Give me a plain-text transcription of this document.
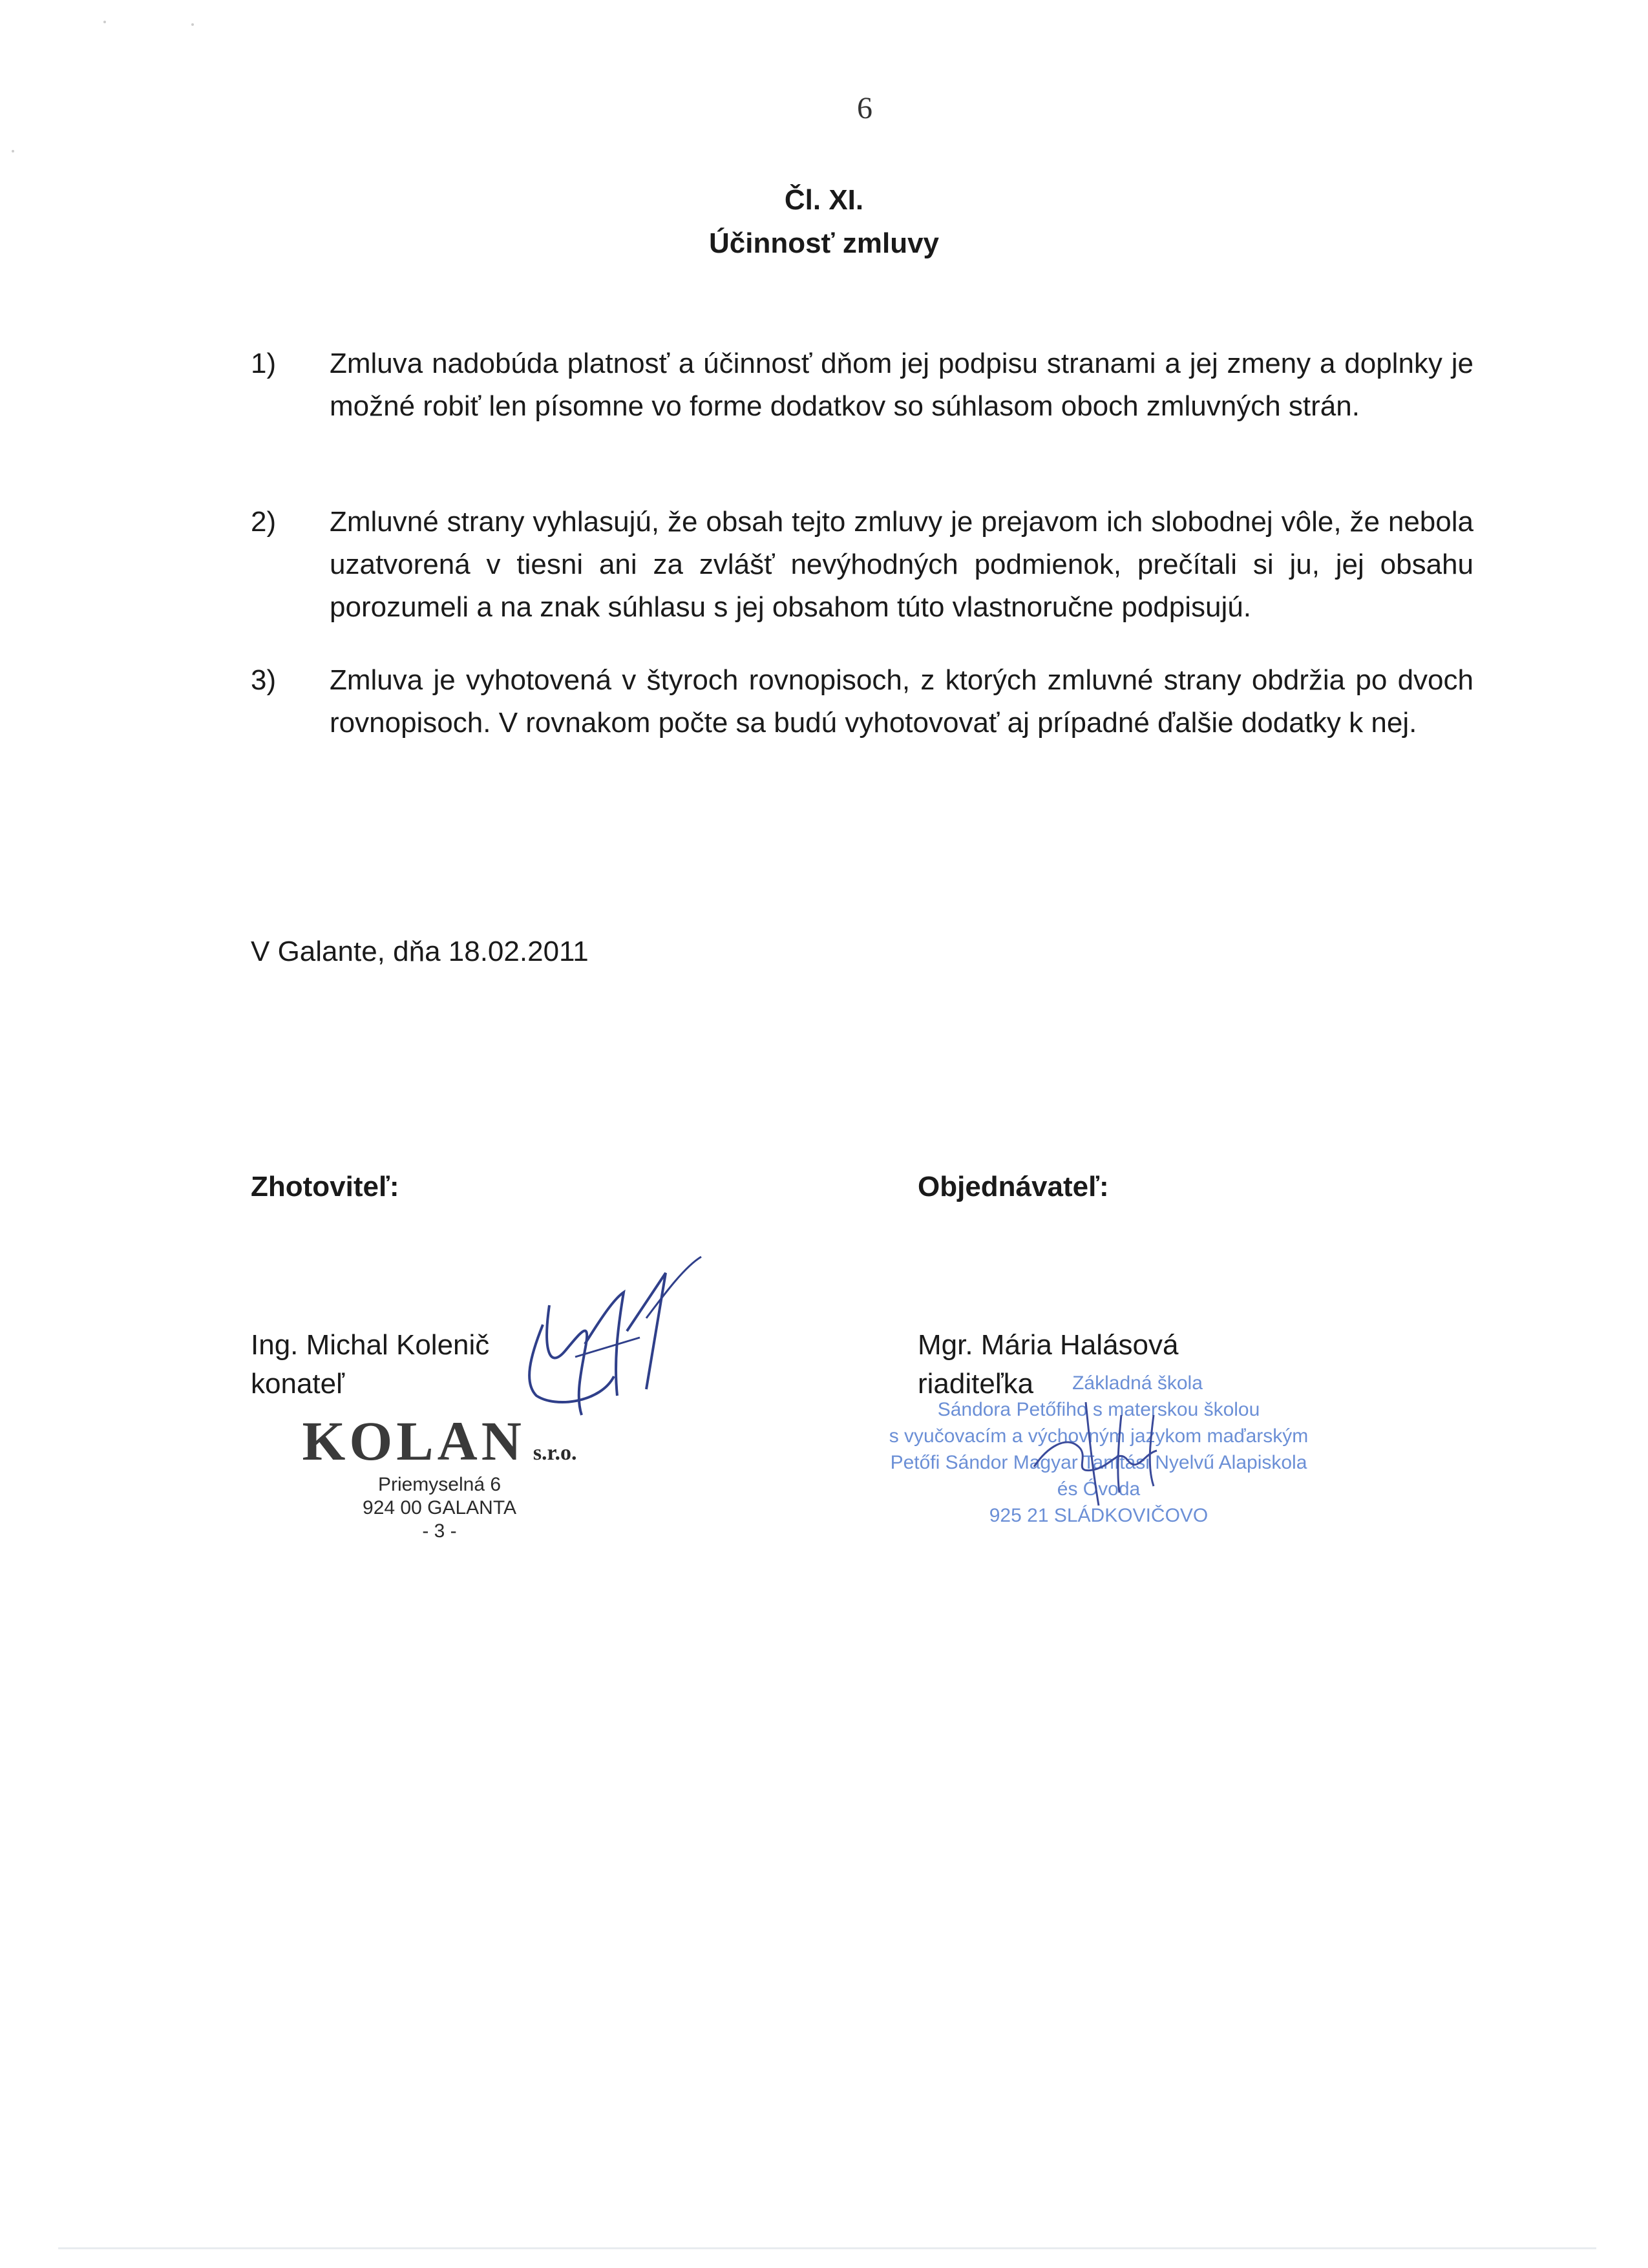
6
Čl. XI.
Účinnosť zmluvy
1) Zmluva nadobúda platnosť a účinnosť dňom jej podpisu stranami a jej zmeny a doplnky je možné robiť len písomne vo forme dodatkov so súhlasom oboch zmluvných strán.
2) Zmluvné strany vyhlasujú, že obsah tejto zmluvy je prejavom ich slobodnej vôle, že nebola uzatvorená v tiesni ani za zvlášť nevýhodných podmienok, prečítali si ju, jej obsahu porozumeli a na znak súhlasu s jej obsahom túto vlastnoručne podpisujú.
3) Zmluva je vyhotovená v štyroch rovnopisoch, z ktorých zmluvné strany obdržia po dvoch rovnopisoch. V rovnakom počte sa budú vyhotovovať aj prípadné ďalšie dodatky k nej.
V Galante, dňa 18.02.2011
Zhotoviteľ:	Objednávateľ:
Ing. Michal Kolenič
konateľ
KOLAN s.r.o.
Priemyselná 6
924 00 GALANTA
- 3 -
Mgr. Mária Halásová
riaditeľka	Základná škola
Sándora Petőfiho s materskou školou
s vyučovacím a výchovným jazykom maďarským
Petőfi Sándor Magyar Tanítási Nyelvű Alapiskola
és Óvoda
925 21 SLÁDKOVIČOVO
